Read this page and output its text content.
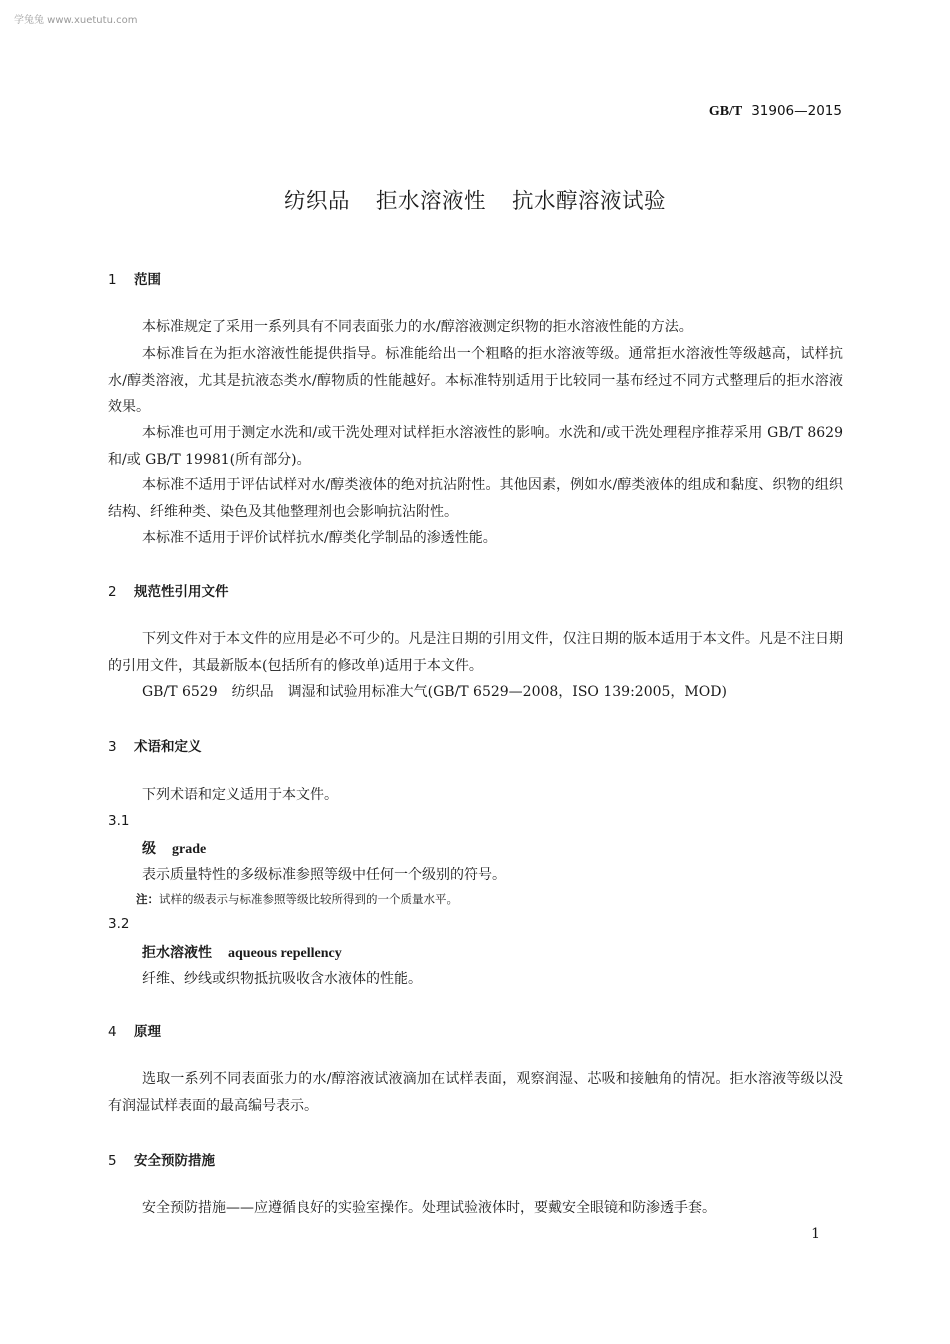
学兔兔 www.xuetutu.com
GB/T 31906—2015
纺织品 拒水溶液性 抗水醇溶液试验
1 范围
本标准规定了采用一系列具有不同表面张力的水/醇溶液测定织物的拒水溶液性能的方法。
本标准旨在为拒水溶液性能提供指导。标准能给出一个粗略的拒水溶液等级。通常拒水溶液性等级越高，试样抗水/醇类溶液，尤其是抗液态类水/醇物质的性能越好。本标准特别适用于比较同一基布经过不同方式整理后的拒水溶液效果。
本标准也可用于测定水洗和/或干洗处理对试样拒水溶液性的影响。水洗和/或干洗处理程序推荐采用 GB/T 8629 和/或 GB/T 19981(所有部分)。
本标准不适用于评估试样对水/醇类液体的绝对抗沾附性。其他因素，例如水/醇类液体的组成和黏度、织物的组织结构、纤维种类、染色及其他整理剂也会影响抗沾附性。
本标准不适用于评价试样抗水/醇类化学制品的渗透性能。
2 规范性引用文件
下列文件对于本文件的应用是必不可少的。凡是注日期的引用文件，仅注日期的版本适用于本文件。凡是不注日期的引用文件，其最新版本(包括所有的修改单)适用于本文件。
GB/T 6529　纺织品　调湿和试验用标准大气(GB/T 6529—2008，ISO 139:2005，MOD)
3 术语和定义
下列术语和定义适用于本文件。
3.1
级 grade
表示质量特性的多级标准参照等级中任何一个级别的符号。
注：试样的级表示与标准参照等级比较所得到的一个质量水平。
3.2
拒水溶液性 aqueous repellency
纤维、纱线或织物抵抗吸收含水液体的性能。
4 原理
选取一系列不同表面张力的水/醇溶液试液滴加在试样表面，观察润湿、芯吸和接触角的情况。拒水溶液等级以没有润湿试样表面的最高编号表示。
5 安全预防措施
安全预防措施——应遵循良好的实验室操作。处理试验液体时，要戴安全眼镜和防渗透手套。
1
